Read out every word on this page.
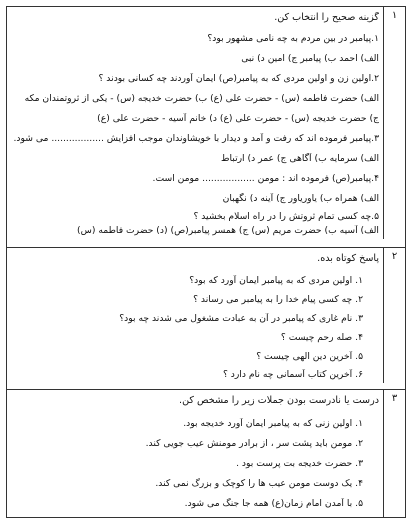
۱
گزینه صحیح را انتخاب کن.
۱.پیامبر در بین مردم به چه نامی مشهور بود؟
الف) احمد ب) پیامبر ج) امین د) نبی
۲.اولین زن و اولین مردی که به پیامبر(ص) ایمان آوردند چه کسانی بودند ؟
الف) حضرت فاطمه (س) - حضرت علی (ع) ب) حضرت خدیجه (س) - یکی از ثروتمندان مکه
ج) حضرت خدیجه (س) - حضرت علی (ع) د) خانم آسیه - حضرت علی (ع)
۳.پیامبر فرموده اند که رفت و آمد و دیدار با خویشاوندان موجب افزایش .................. می شود.
الف) سرمایه ب) آگاهی ج) عمر د) ارتباط
۴.پیامبر(ص) فرموده اند : مومن .................. مومن است.
الف) همراه ب) یاوریاور ج) آینه د) نگهبان
۵.چه کسی تمام ثروتش را در راه اسلام بخشید ؟
الف) آسیه ب) حضرت مریم (س) ج) همسر پیامبر(ص) (د) حضرت فاطمه (س)
۲
پاسخ کوتاه بده.
۱. اولین مردی که به پیامبر ایمان آورد که بود؟
۲. چه کسی پیام خدا را به پیامبر می رساند ؟
۳. نام غاری که پیامبر در آن به عبادت مشغول می شدند چه بود؟
۴. صله رحم چیست ؟
۵. آخرین دین الهی چیست ؟
۶. آخرین کتاب آسمانی چه نام دارد ؟
۳
درست یا نادرست بودن جملات زیر را مشخص کن.
۱. اولین زنی که به پیامبر ایمان آورد خدیجه بود.
۲. مومن باید پشت سر ، از برادر مومنش عیب جویی کند.
۳. حضرت خدیجه بت پرست بود .
۴. یک دوست مومن عیب ها را کوچک و بزرگ نمی کند.
۵. با آمدن امام زمان(ع) همه جا جنگ می شود.
